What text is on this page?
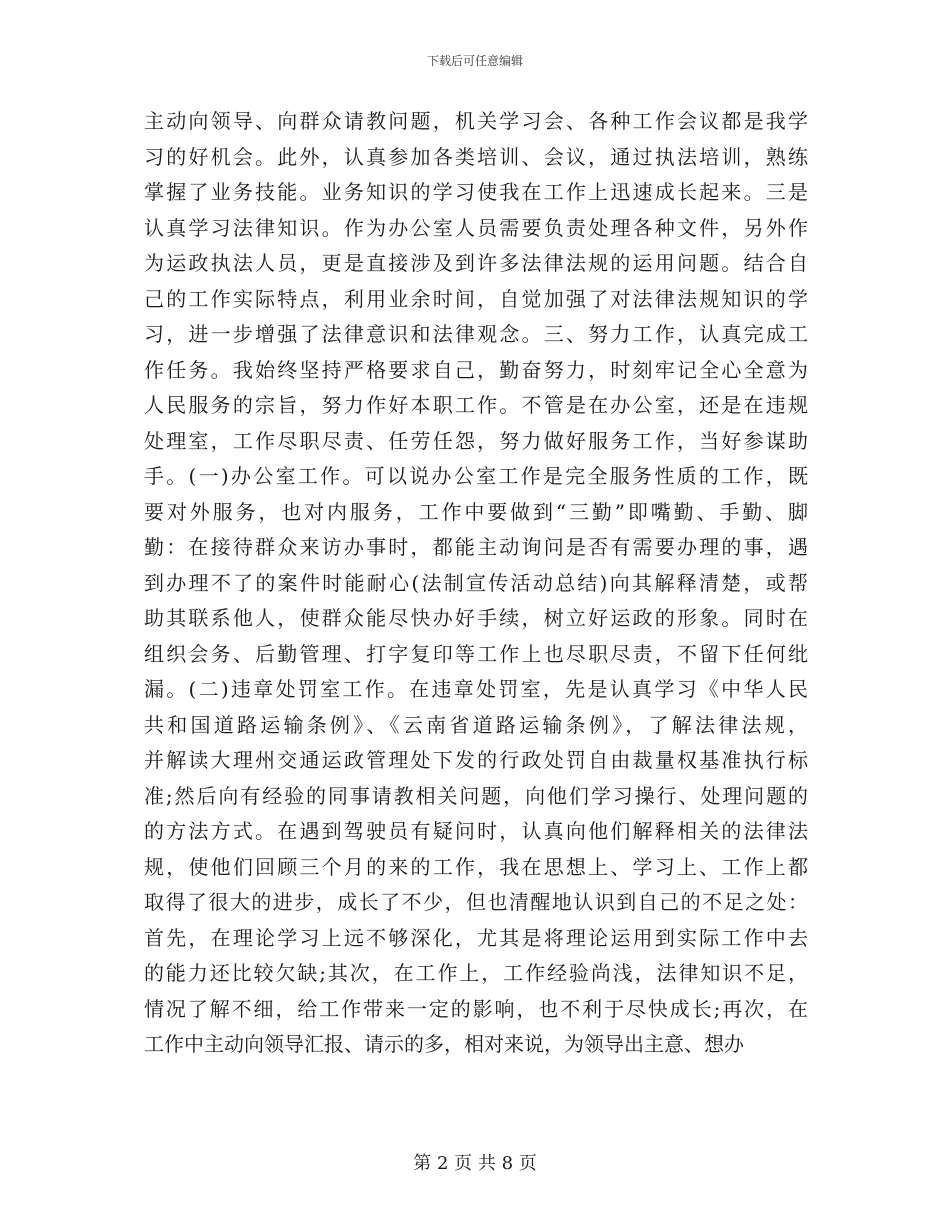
下载后可任意编辑
主动向领导、向群众请教问题，机关学习会、各种工作会议都是我学
习的好机会。此外，认真参加各类培训、会议，通过执法培训，熟练
掌握了业务技能。业务知识的学习使我在工作上迅速成长起来。三是
认真学习法律知识。作为办公室人员需要负责处理各种文件，另外作
为运政执法人员，更是直接涉及到许多法律法规的运用问题。结合自
己的工作实际特点，利用业余时间，自觉加强了对法律法规知识的学
习，进一步增强了法律意识和法律观念。三、努力工作，认真完成工
作任务。我始终坚持严格要求自己，勤奋努力，时刻牢记全心全意为
人民服务的宗旨，努力作好本职工作。不管是在办公室，还是在违规
处理室，工作尽职尽责、任劳任怨，努力做好服务工作，当好参谋助
手。(一)办公室工作。可以说办公室工作是完全服务性质的工作，既
要对外服务，也对内服务，工作中要做到“三勤”即嘴勤、手勤、脚
勤：在接待群众来访办事时，都能主动询问是否有需要办理的事，遇
到办理不了的案件时能耐心(法制宣传活动总结)向其解释清楚，或帮
助其联系他人，使群众能尽快办好手续，树立好运政的形象。同时在
组织会务、后勤管理、打字复印等工作上也尽职尽责，不留下任何纰
漏。(二)违章处罚室工作。在违章处罚室，先是认真学习《中华人民
共和国道路运输条例》、《云南省道路运输条例》，了解法律法规，
并解读大理州交通运政管理处下发的行政处罚自由裁量权基准执行标
准;然后向有经验的同事请教相关问题，向他们学习操行、处理问题的
的方法方式。在遇到驾驶员有疑问时，认真向他们解释相关的法律法
规，使他们回顾三个月的来的工作，我在思想上、学习上、工作上都
取得了很大的进步，成长了不少，但也清醒地认识到自己的不足之处：
首先，在理论学习上远不够深化，尤其是将理论运用到实际工作中去
的能力还比较欠缺;其次，在工作上，工作经验尚浅，法律知识不足，
情况了解不细，给工作带来一定的影响，也不利于尽快成长;再次，在
工作中主动向领导汇报、请示的多，相对来说，为领导出主意、想办
第 2 页 共 8 页
